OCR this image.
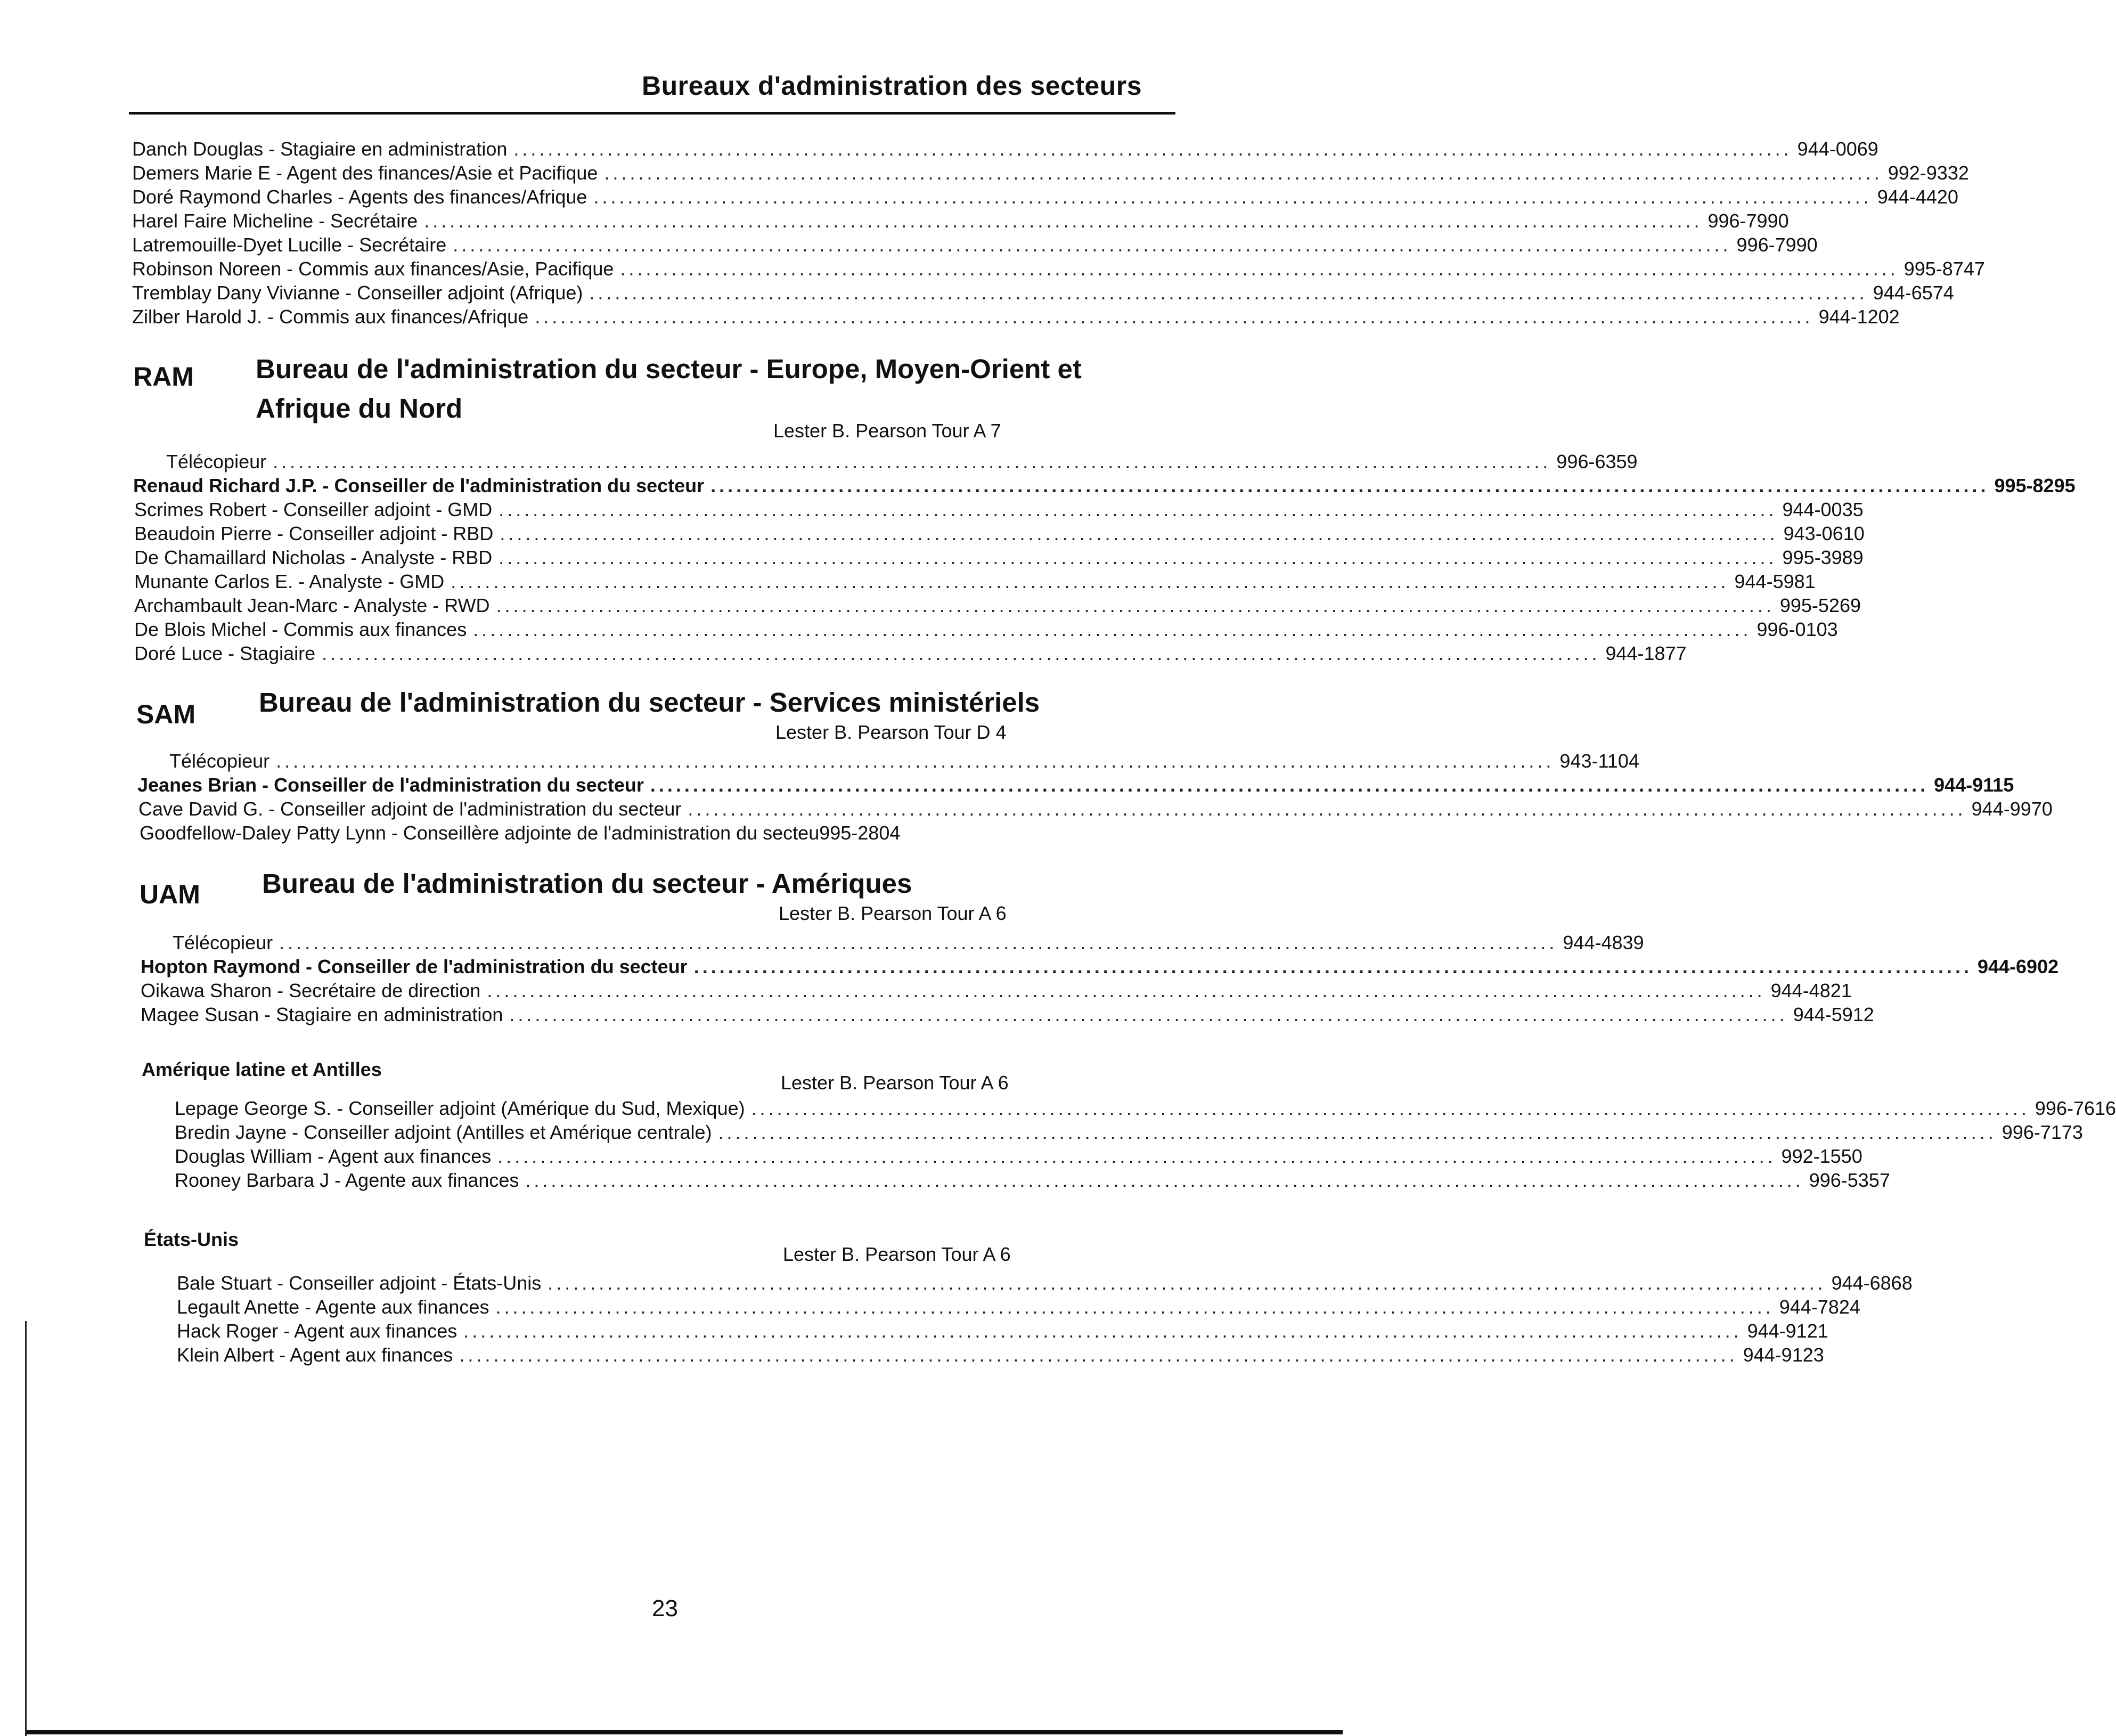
Bureaux d'administration des secteurs
Danch Douglas - Stagiaire en administration ...................................................................................................................................................... 944-0069
Demers Marie E - Agent des finances/Asie et Pacifique ...................................................................................................................................................... 992-9332
Doré Raymond Charles - Agents des finances/Afrique ...................................................................................................................................................... 944-4420
Harel Faire Micheline - Secrétaire ...................................................................................................................................................... 996-7990
Latremouille-Dyet Lucille - Secrétaire ...................................................................................................................................................... 996-7990
Robinson Noreen - Commis aux finances/Asie, Pacifique ...................................................................................................................................................... 995-8747
Tremblay Dany Vivianne - Conseiller adjoint (Afrique) ...................................................................................................................................................... 944-6574
Zilber Harold J. - Commis aux finances/Afrique ...................................................................................................................................................... 944-1202
RAM Bureau de l'administration du secteur - Europe, Moyen-Orient et
Afrique du Nord
Lester B. Pearson Tour A 7
Télécopieur ...................................................................................................................................................... 996-6359
Renaud Richard J.P. - Conseiller de l'administration du secteur ...................................................................................................................................................... 995-8295
Scrimes Robert - Conseiller adjoint - GMD ...................................................................................................................................................... 944-0035
Beaudoin Pierre - Conseiller adjoint - RBD ...................................................................................................................................................... 943-0610
De Chamaillard Nicholas - Analyste - RBD ...................................................................................................................................................... 995-3989
Munante Carlos E. - Analyste - GMD ...................................................................................................................................................... 944-5981
Archambault Jean-Marc - Analyste - RWD ...................................................................................................................................................... 995-5269
De Blois Michel - Commis aux finances ...................................................................................................................................................... 996-0103
Doré Luce - Stagiaire ...................................................................................................................................................... 944-1877
SAM Bureau de l'administration du secteur - Services ministériels
Lester B. Pearson Tour D 4
Télécopieur ...................................................................................................................................................... 943-1104
Jeanes Brian - Conseiller de l'administration du secteur ...................................................................................................................................................... 944-9115
Cave David G. - Conseiller adjoint de l'administration du secteur ...................................................................................................................................................... 944-9970
Goodfellow-Daley Patty Lynn - Conseillère adjointe de l'administration du secteu 995-2804
UAM Bureau de l'administration du secteur - Amériques
Lester B. Pearson Tour A 6
Télécopieur ...................................................................................................................................................... 944-4839
Hopton Raymond - Conseiller de l'administration du secteur ...................................................................................................................................................... 944-6902
Oikawa Sharon - Secrétaire de direction ...................................................................................................................................................... 944-4821
Magee Susan - Stagiaire en administration ...................................................................................................................................................... 944-5912
Amérique latine et Antilles
Lester B. Pearson Tour A 6
Lepage George S. - Conseiller adjoint (Amérique du Sud, Mexique) ...................................................................................................................................................... 996-7616
Bredin Jayne - Conseiller adjoint (Antilles et Amérique centrale) ...................................................................................................................................................... 996-7173
Douglas William - Agent aux finances ...................................................................................................................................................... 992-1550
Rooney Barbara J - Agente aux finances ...................................................................................................................................................... 996-5357
États-Unis
Lester B. Pearson Tour A 6
Bale Stuart - Conseiller adjoint - États-Unis ...................................................................................................................................................... 944-6868
Legault Anette - Agente aux finances ...................................................................................................................................................... 944-7824
Hack Roger - Agent aux finances ...................................................................................................................................................... 944-9121
Klein Albert - Agent aux finances ...................................................................................................................................................... 944-9123
23
